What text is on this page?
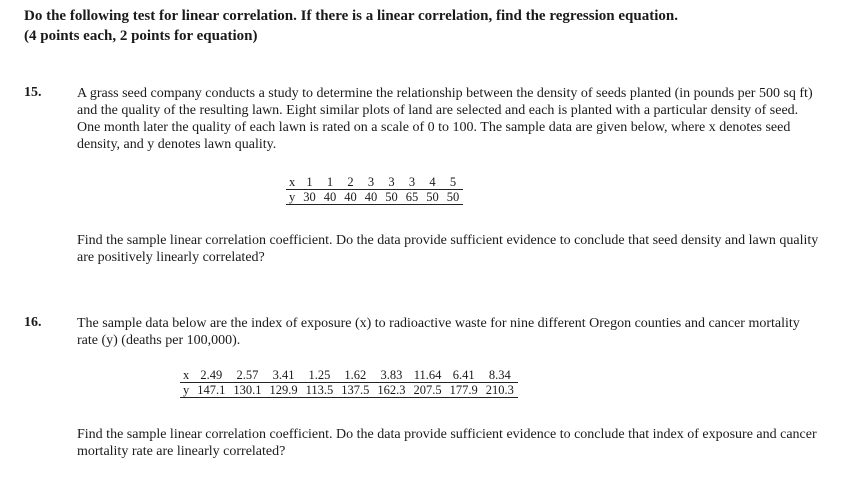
Do the following test for linear correlation. If there is a linear correlation, find the regression equation.
(4 points each, 2 points for equation)
15.	A grass seed company conducts a study to determine the relationship between the density of seeds planted (in pounds per 500 sq ft) and the quality of the resulting lawn. Eight similar plots of land are selected and each is planted with a particular density of seed. One month later the quality of each lawn is rated on a scale of 0 to 100. The sample data are given below, where x denotes seed density, and y denotes lawn quality.
x	1	1	2	3	3	3	4	5
y	30	40	40	40	50	65	50	50
Find the sample linear correlation coefficient. Do the data provide sufficient evidence to conclude that seed density and lawn quality are positively linearly correlated?
16.	The sample data below are the index of exposure (x) to radioactive waste for nine different Oregon counties and cancer mortality rate (y) (deaths per 100,000).
x	2.49	2.57	3.41	1.25	1.62	3.83	11.64	6.41	8.34
y	147.1	130.1	129.9	113.5	137.5	162.3	207.5	177.9	210.3
Find the sample linear correlation coefficient. Do the data provide sufficient evidence to conclude that index of exposure and cancer mortality rate are linearly correlated?
